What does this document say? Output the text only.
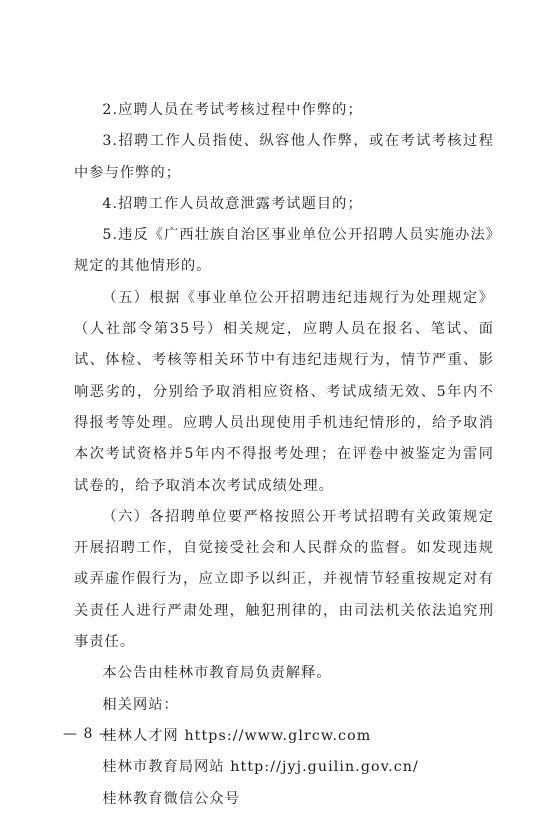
2.应聘人员在考试考核过程中作弊的；

3.招聘工作人员指使、纵容他人作弊，或在考试考核过程中参与作弊的；

4.招聘工作人员故意泄露考试题目的；

5.违反《广西壮族自治区事业单位公开招聘人员实施办法》规定的其他情形的。

（五）根据《事业单位公开招聘违纪违规行为处理规定》（人社部令第35号）相关规定，应聘人员在报名、笔试、面试、体检、考核等相关环节中有违纪违规行为，情节严重、影响恶劣的，分别给予取消相应资格、考试成绩无效、5年内不得报考等处理。应聘人员出现使用手机违纪情形的，给予取消本次考试资格并5年内不得报考处理；在评卷中被鉴定为雷同试卷的，给予取消本次考试成绩处理。

（六）各招聘单位要严格按照公开考试招聘有关政策规定开展招聘工作，自觉接受社会和人民群众的监督。如发现违规或弄虚作假行为，应立即予以纠正，并视情节轻重按规定对有关责任人进行严肃处理，触犯刑律的，由司法机关依法追究刑事责任。

本公告由桂林市教育局负责解释。

相关网站：

桂林人才网 https://www.glrcw.com

桂林市教育局网站 http://jyj.guilin.gov.cn/

桂林教育微信公众号

— 8 —
